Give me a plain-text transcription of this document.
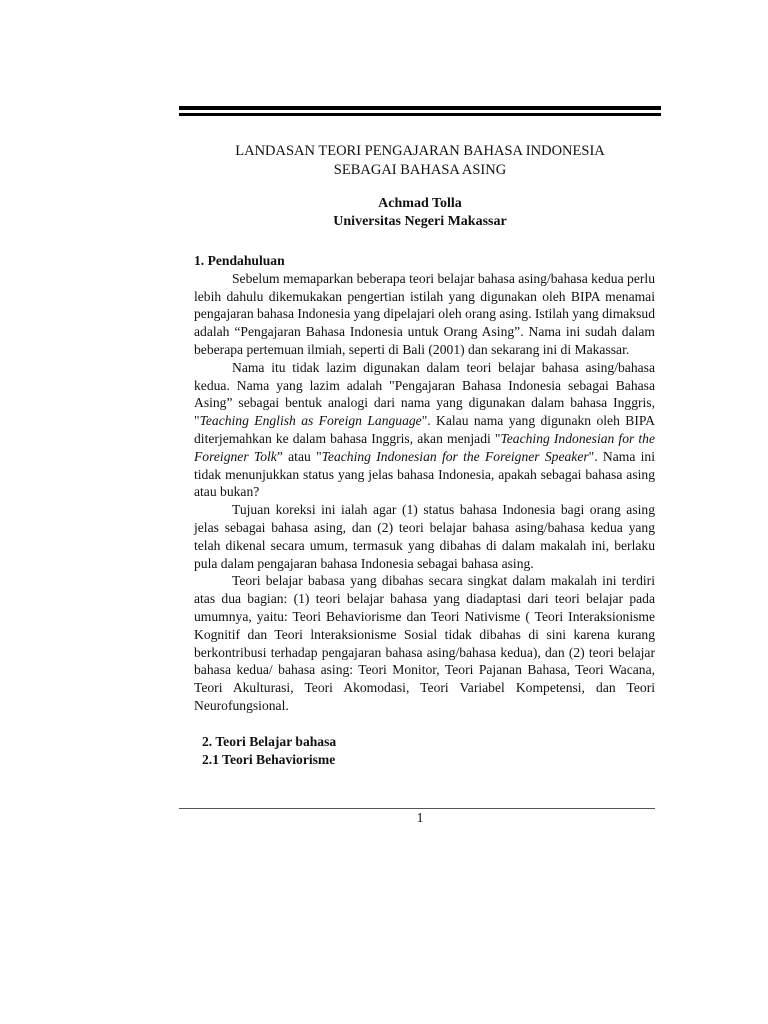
LANDASAN TEORI PENGAJARAN BAHASA INDONESIA
SEBAGAI BAHASA ASING
Achmad Tolla
Universitas Negeri Makassar
1. Pendahuluan

Sebelum memaparkan beberapa teori belajar bahasa asing/bahasa kedua perlu lebih dahulu dikemukakan pengertian istilah yang digunakan oleh BIPA menamai pengajaran bahasa Indonesia yang dipelajari oleh orang asing. Istilah yang dimaksud adalah “Pengajaran Bahasa Indonesia untuk Orang Asing”. Nama ini sudah dalam beberapa pertemuan ilmiah, seperti di Bali (2001) dan sekarang ini di Makassar.

Nama itu tidak lazim digunakan dalam teori belajar bahasa asing/bahasa kedua. Nama yang lazim adalah "Pengajaran Bahasa Indonesia sebagai Bahasa Asing” sebagai bentuk analogi dari nama yang digunakan dalam bahasa Inggris, "Teaching English as Foreign Language". Kalau nama yang digunakn oleh BIPA diterjemahkan ke dalam bahasa Inggris, akan menjadi "Teaching Indonesian for the Foreigner Tolk” atau "Teaching Indonesian for the Foreigner Speaker". Nama ini tidak menunjukkan status yang jelas bahasa Indonesia, apakah sebagai bahasa asing atau bukan?

Tujuan koreksi ini ialah agar (1) status bahasa Indonesia bagi orang asing jelas sebagai bahasa asing, dan (2) teori belajar bahasa asing/bahasa kedua yang telah dikenal secara umum, termasuk yang dibahas di dalam makalah ini, berlaku pula dalam pengajaran bahasa Indonesia sebagai bahasa asing.

Teori belajar babasa yang dibahas secara singkat dalam makalah ini terdiri atas dua bagian: (1) teori belajar bahasa yang diadaptasi dari teori belajar pada umumnya, yaitu: Teori Behaviorisme dan Teori Nativisme ( Teori Interaksionisme Kognitif dan Teori lnteraksionisme Sosial tidak dibahas di sini karena kurang berkontribusi terhadap pengajaran bahasa asing/bahasa kedua), dan (2) teori belajar bahasa kedua/ bahasa asing: Teori Monitor, Teori Pajanan Bahasa, Teori Wacana, Teori Akulturasi, Teori Akomodasi, Teori Variabel Kompetensi, dan Teori Neurofungsional.

2. Teori Belajar bahasa
2.1 Teori Behaviorisme
1
